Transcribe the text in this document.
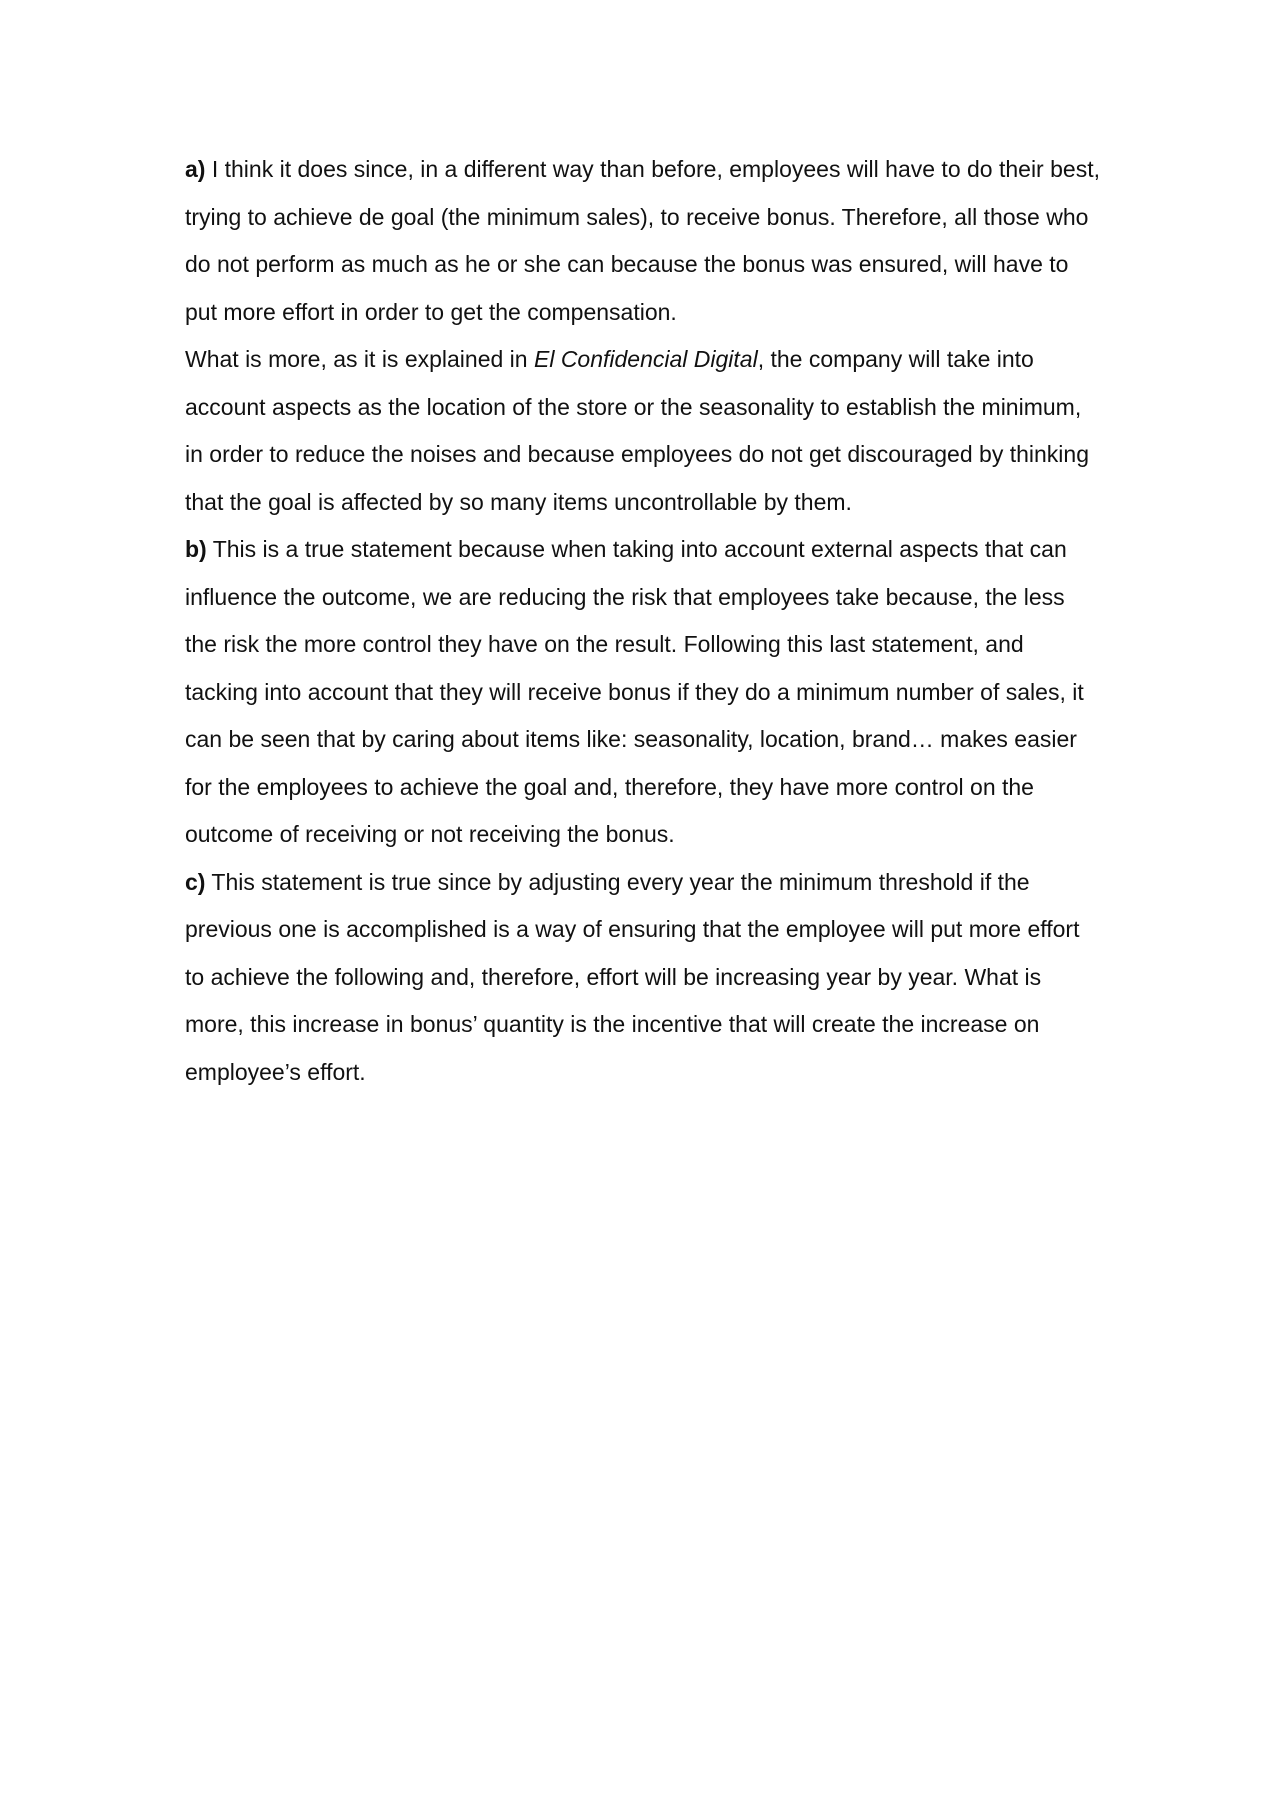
a) I think it does since, in a different way than before, employees will have to do their best, trying to achieve de goal (the minimum sales), to receive bonus. Therefore, all those who do not perform as much as he or she can because the bonus was ensured, will have to put more effort in order to get the compensation.

What is more, as it is explained in El Confidencial Digital, the company will take into account aspects as the location of the store or the seasonality to establish the minimum, in order to reduce the noises and because employees do not get discouraged by thinking that the goal is affected by so many items uncontrollable by them.

b) This is a true statement because when taking into account external aspects that can influence the outcome, we are reducing the risk that employees take because, the less the risk the more control they have on the result. Following this last statement, and tacking into account that they will receive bonus if they do a minimum number of sales, it can be seen that by caring about items like: seasonality, location, brand… makes easier for the employees to achieve the goal and, therefore, they have more control on the outcome of receiving or not receiving the bonus.

c) This statement is true since by adjusting every year the minimum threshold if the previous one is accomplished is a way of ensuring that the employee will put more effort to achieve the following and, therefore, effort will be increasing year by year. What is more, this increase in bonus’ quantity is the incentive that will create the increase on employee’s effort.
